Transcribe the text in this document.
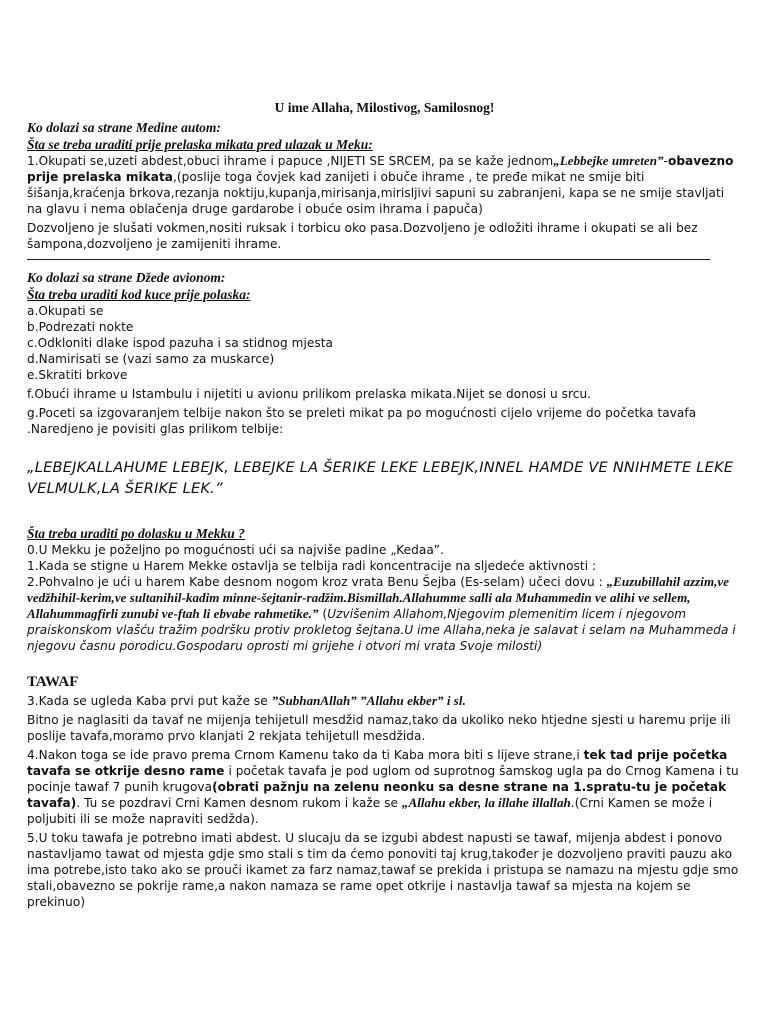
U ime Allaha, Milostivog, Samilosnog!
Ko dolazi sa strane Medine autom:
Šta se treba uraditi prije prelaska mikata pred ulazak u Meku:

1.Okupati se,uzeti abdest,obuci ihrame i papuce ,NIJETI SE SRCEM, pa se kaže jednom„Lebbejke umreten”-obavezno prije prelaska mikata,(poslije toga čovjek kad zanijeti i obuče ihrame , te pređe mikat ne smije biti šišanja,kraćenja brkova,rezanja noktiju,kupanja,mirisanja,mirisljivi sapuni su zabranjeni, kapa se ne smije stavljati na glavu i nema oblačenja druge gardarobe i obuće osim ihrama i papuča)

Dozvoljeno je slušati vokmen,nositi ruksak i torbicu oko pasa.Dozvoljeno je odložiti ihrame i okupati se ali bez šampona,dozvoljeno je zamijeniti ihrame.

Ko dolazi sa strane Džede avionom:
Šta treba uraditi kod kuce prije polaska:

a.Okupati se

b.Podrezati nokte

c.Odkloniti dlake ispod pazuha i sa stidnog mjesta

d.Namirisati se (vazi samo za muskarce)

e.Skratiti brkove

f.Obući ihrame u Istambulu i nijetiti u avionu prilikom prelaska mikata.Nijet se donosi u srcu.

g.Poceti sa izgovaranjem telbije nakon što se preleti mikat pa po mogućnosti cijelo vrijeme do početka tavafa .Naredjeno je povisiti glas prilikom telbije:

„LEBEJKALLAHUME LEBEJK, LEBEJKE LA ŠERIKE LEKE LEBEJK,INNEL HAMDE VE NNIHMETE LEKE VELMULK,LA ŠERIKE LEK.”
Šta treba uraditi po dolasku u Mekku ?

0.U Mekku je poželjno po mogućnosti ući sa najviše padine „Kedaa”.

1.Kada se stigne u Harem Mekke ostavlja se telbija radi koncentracije na sljedeće aktivnosti :

2.Pohvalno je ući u harem Kabe desnom nogom kroz vrata Benu Šejba (Es-selam) učeci dovu : „Euzubillahil azzim,ve vedžhihil-kerim,ve sultanihil-kadim minne-šejtanir-radžim.Bismillah.Allahumme salli ala Muhammedin ve alihi ve sellem, Allahummagfirli zunubi ve-ftah li ebvabe rahmetike.” (Uzvišenim Allahom,Njegovim plemenitim licem i njegovom praiskonskom vlašću tražim podršku protiv prokletog šejtana.U ime Allaha,neka je salavat i selam na Muhammeda i njegovu časnu porodicu.Gospodaru oprosti mi grijehe i otvori mi vrata Svoje milosti)

TAWAF

3.Kada se ugleda Kaba prvi put kaže se ”SubhanAllah” ”Allahu ekber” i sl.

Bitno je naglasiti da tavaf ne mijenja tehijetull mesdžid namaz,tako da ukoliko neko htjedne sjesti u haremu prije ili poslije tavafa,moramo prvo klanjati 2 rekjata tehijetull mesdžida.

4.Nakon toga se ide pravo prema Crnom Kamenu tako da ti Kaba mora biti s lijeve strane,i tek tad prije početka tavafa se otkrije desno rame i početak tavafa je pod uglom od suprotnog šamskog ugla pa do Crnog Kamena i tu pocinje tawaf 7 punih krugova(obrati pažnju na zelenu neonku sa desne strane na 1.spratu-tu je početak tavafa). Tu se pozdravi Crni Kamen desnom rukom i kaže se „Allahu ekber, la illahe illallah.(Crni Kamen se može i poljubiti ili se može napraviti sedžda).

5.U toku tawafa je potrebno imati abdest. U slucaju da se izgubi abdest napusti se tawaf, mijenja abdest i ponovo nastavljamo tawat od mjesta gdje smo stali s tim da ćemo ponoviti taj krug,također je dozvoljeno praviti pauzu ako ima potrebe,isto tako ako se prouči ikamet za farz namaz,tawaf se prekida i pristupa se namazu na mjestu gdje smo stali,obavezno se pokrije rame,a nakon namaza se rame opet otkrije i nastavlja tawaf sa mjesta na kojem se prekinuo)
